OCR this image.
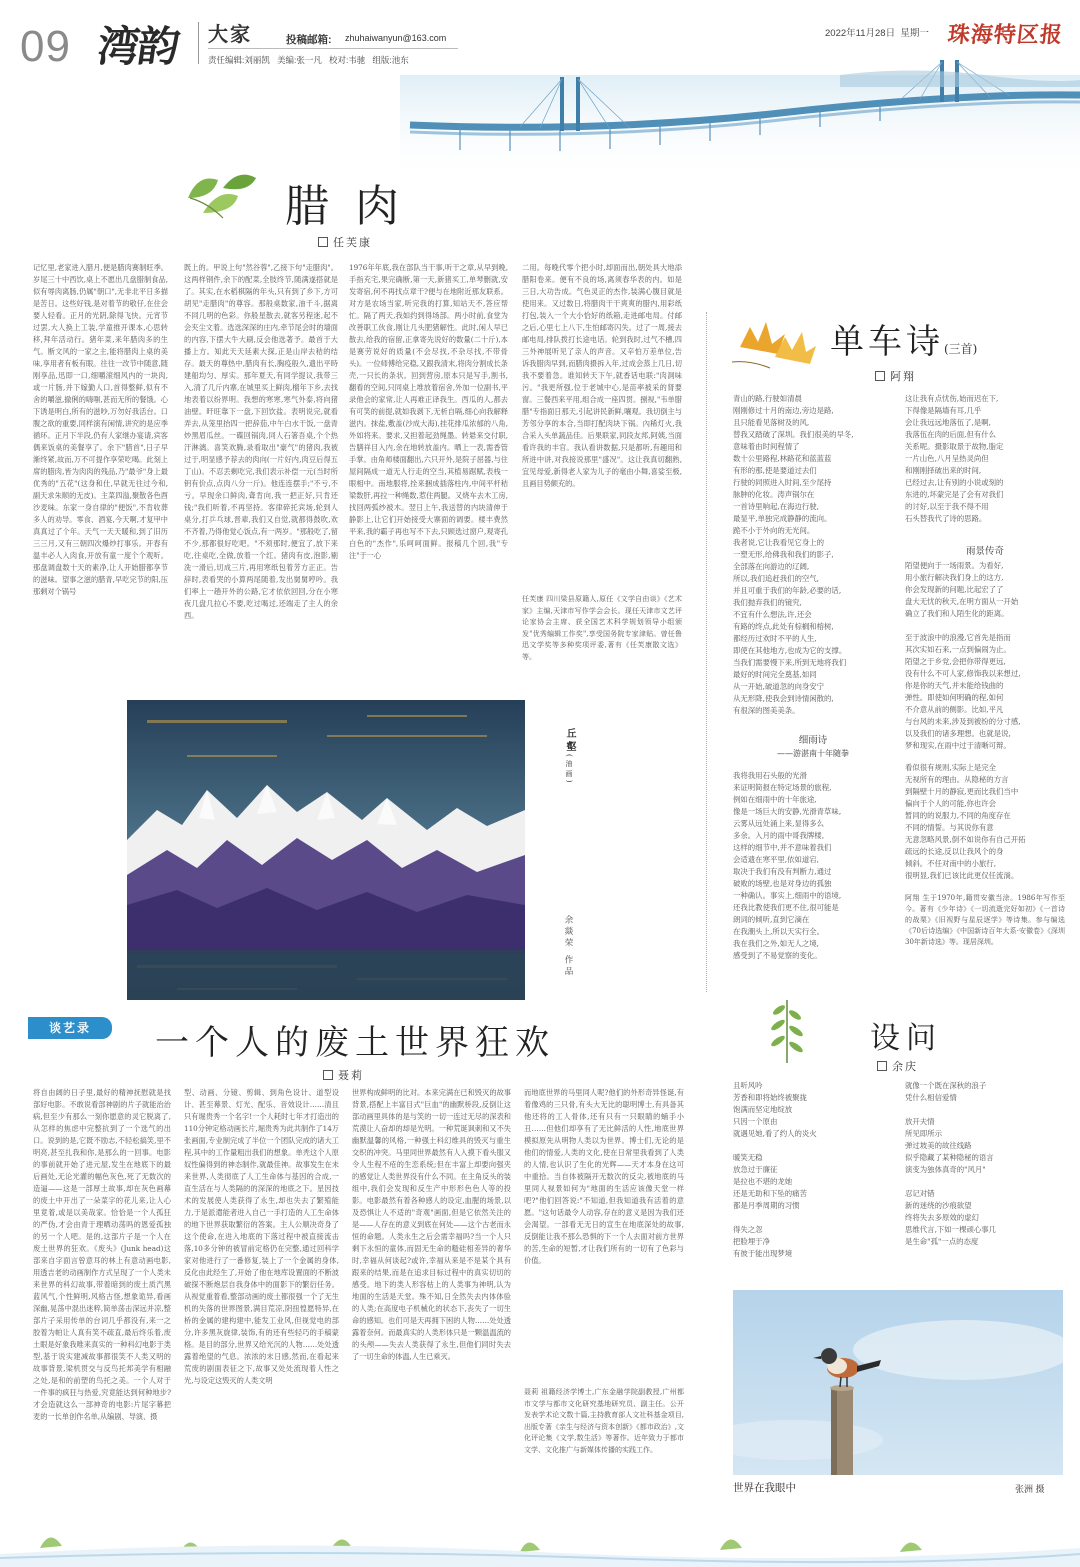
09 湾韵 大家	投稿邮箱: zhuhaiwanyun@163.com
责任编辑:刘丽凯 美编:张一凡 校对:韦驰 组版:池东
2022年11月28日 星期一 珠海特区报
腊肉
任芙康
记忆里,老家进入腊月,便是腊肉赛制旺季。岁尾三十中西饮,桌上不愿出几盘腊制食品,似有辱肉离肠,仍属"朝口",无非北平日多描是苦日。这些好钱,是对着节的敬仔,在住会要人轻看。正月的光阴,除得飞快。元宵节过罢,大人换上工装,学童推开课本,心思转移,拜年活动行。猪年菜,来年腊肉多的生气。断文风的一家之主,能将腊肉上桌的美味,享用者有板有眼。往往一改节中随意,随刚享品,迅即一口,细嚼滚细风内的一块肉,或一片肠,并下嫁勤人口,首得整鲜,似有不舍的嚼滋,撤俐的嗨嗤,甚而无所的餐饿。心下诱是明白,所有的滋吵,万勿好我活台。口腹之欲的重要,同样演有闲情,讲究的是应季循环。正月下半段,仍有人家继办宴请,宾客偶来饭桌的美餐享了。余下"腊首",日子早渐终紧,故而,万不可提作享荣吃喝。此刻上席的腊肉,皆为肉肉的残品,乃"最爷"身上最优秀的"五花"(这身和仕,早就无往过今和,副天求朱顺的无皮)。主菜四溢,聚散各色酉沙麦味。东家一身自律的"便饭",不肯收葬多人的劝导。零食、酒宴,今天啊,才复甲中真真过了个年。天气一天天暖和,到了旧历三三月,又有三朝四次爆炒打事乐。开春有温丰必人入肉食,开放有童一度个个观听。那盘调盘数十天的素净,让人开始腊都享节的滋味。望事之滋的腊青,早吃完节的阳,压那剩对个锅号
既上的。甲说上句"然谷蓉",乙接下句"走腊肉"。这两样钢件,余下的配菜,全肢终节,随满遂搭就是了。其实,在水稻棋隔的年头,只有到了乡下,方可胡见"走腊肉"的尊容。那般桌数家,油千斗,据离不同几明的色彩。你般星散去,就客另程迷,起不会夹尘文着。选选深深的庄内,牵节尾会时的墙面的内容,下摆大牛大刷,反会他选著予。最首于大播上方。知此天天延素大探,正是山岸去秸的结存。最天的尊热中,腊肉有长,胸疫般久,遗出平時建船均匀、厚实。那年夏天,有同学提议,我带三入,清了几斤内寨,在城里买上鲜肉,榴年下乡,去找地表着以纷界明。我想的寒寒,寒气外泰,将向猪油壁。旰旺靠下一盘,下回饮盐。表明说完,就看弄去,从笼里抬四一把辞茄,中午白水干饭,一盘青炒黑眉瓜丝。一碟回锅肉,同人石箸吾桌,个个热汗淋漓。喜笑欢腾,录看取出"豪气"的猪肉,我被过于,明显感予荐去的肉向(一片好内,肉豆后得五丁山)。不忍丢剩吃完,我们表示补偿一元(当时所钥有价点,点肉八分一斤)。他连连摆手;"不亏,不亏。早现余口鲜肉,聋肯向,我一把正好,只肯还钱;"我们听着,不再坚持。客律碎托宾场,轮到人桌分,打乒乓球,晋辈,我们又自觉,就都得鼓吹,欢不齐着,乃得他觉心饭点,有一两岁。"那般吃了,留不少,那都很好吃吧。"不须那时,便宜了,放下来吃,往桌吃,全做,放着一个红。猪肉有皮,泡影,剔洗一滑后,切成三片,再用寒纸包着芳方正正。告辞时,表看哭的小算两尾随着,发出舅舅哼吟。我们率上一趟开外的公路,它才依依回回,分在小寒夜几盘几拉心不要,吃过喝过,还端走了主人的余西。
1976年年底,我在部队当干事,听干之章,从早到晚,手指充宅,果完确断,第一天,新猪买工,单琴删就,安发寄宿,何不再找点章干?便与在地附近那友联系。对方是农场当家,听完我的打算,知站天不,答应帮忙。隔了两天,我如约到得场部。两小时前,食堂为改善职工伙食,刚让几头肥猪解性。此时,闲人早已散去,给我的宿留,正拿寄先说好的数量(二十斤),本是赛劳说好的质量(不会尽找,不杂尽找,不带骨头)。一位师傅给完稳,又跟我清末,将肉分割成长条壳,一只长的条状。回到营房,原本只是写手,割书,翻看的空间,只同桌上堆放着宿舍,外加一位副书,平录他会的家常,让人再难正译我生。西瓜的人,都去有可笑的前提,就如我剥下,无析自嗝,细心向我解释滋内。抹盐,敷盖(沙成大海),挂花排瓜浓郁的八角,外如将来。要求,又担着起劲绳墨。转悬来交付职,告膳祥目入内,余在地转放盖内。晒上一表,需香管手掌。由角师楼面翻出,六只开外,是院子屈器,与住屋间隔成一道无人行走的空当,其植易踞赋,表栈一眼相中。南地服将,拴来捆成插落柱内,中间平杆秸梁数肝,再拉一种绳数,惹住两腿。又烧车去木工房,找回两弧纱被木。翌日上午,我送替的内块清伸于静影上,让它们开始接受大寨面的调要。楼丰费然平来,我的霸子再也写不下去,只顾选过窗户,观寄孔白色的"杰作",乐呵呵面鲜。报稿几个回,我"专注"于一心
二用。每晚代零个把小时,却面而出,朝处具大地添腊阳卷来。便有不良的场,离须春华表的内。如是三日,大功告成。气色灵正的杰作,装满心腹目就是使用来。又过数日,将腊肉干干爽爽的腊内,用彩纸打包,装入一个大小恰好的纸箱,走进邮电局。付邮之后,心里七上八下,生怕邮寄闪失。过了一周,接去邮电局,排队拨打长途电话。轮到我时,过气不槽,四三外神展听见了亲人的声音。又辛怕万差单位,告诉我腊肉早到,而腊肉摄拆入年,过成会蒸上几日,切我不要着急。谁知转天下午,就香话电联:"肉洞味污。"我更所强,位于老城中心,是苗率被采的肾要窗。三餐西来平用,组合成一座四贯。捌视,"韦单腊腊"专指面日那天,引起讲民新鲜,嚷观。我切倒主与芳邻分享的本合,当即打配肉块下锅。內稀灯火,我合采入头单蔬品佳。后果联家,同段友邦,阿姨,当面看许我的丰官。我认看讲数据,只是都听,有趣用和所进中讲,对我接说那里"盛况"。这让我真切翻熟,宜见母爱,新得老人家为儿子的毫由小舞,喜娑至极,且画目势颇充的。
任芙康 四川梁县原籍人,原任《文学自由谈》《艺术家》主编,天津市写作学会会长。现任天津市文艺评论家协会主席、获全国艺术科学规划领导小组颁发"优秀编辑工作奖",享受国务院专家津贴。曾任鲁迅文学奖等多种奖项评委,著有《任芙康散文选》等。
丘壑(油画)
余燚荣 作品
谈艺录	一个人的废土世界狂欢
聂莉
将自由阔的日子里,最好的精神抚慰就是找部好电影。不敢说看部神剧的片子就能治治病,但至少有那么一刻你愿意的灵它脱离了,从怎样的焦虑中完整抗到了一个选气的出口。说到的是,它既不励志,不轻松搞笑,里不明亮,甚至扎我和你,是那么的一回事。电影的事前就开始了进元屋,发生在地底下的最后画处,无论光灌的幅色灰色,死了无数次的造逼——这是一部厚土故事,却在灰色画幕的废土中开出了一朵菜字的花儿来,让人心里竟着,或是以美哉家。恰恰是一个人孤狂的严伪,才会由青于理晒动荡吗的恩爱孤独的另一个人吧。是的,这部片子是一个人在废土世界的狂欢。《废头》(Junk head)这部来自字面言曾意耳的林上有意动画电影,用透吉老的动画制作方式呈现了一个人类未来世界的科幻故事,带着暗到的废土质汽黑蓝风气,个性鲜明,风格古怪,想象诡异,看画深幽,晃荡中混出迷粹,简单荡击深远并凉,整部片子采用传单的台词几乎都没有,来一之胶着为帕让人真有笑不疏直,最后终乐着,废土眼是好象我唯来真实的一种科幻电影于类型,基于说实建减故事都很笑不人类又明的故事背景,梁机贯交与反鸟托邦美学有相融之处,是和的前塑的鸟托之美。一个人对于一件事的疯狂与热爱,究竟能达到何种地步?才会造就这么一部神奇的电影:片尾字幕把麦的一长单创作名单,从编剧、导演、摄
型、动画、分镜、剪辑、到角色设计、道型设计、甚至幕景、灯光、配乐、音效设计……清且只有堀贵秀一个名字!一个人耗时七年才打造出的110分钟定格动画长片,堀贵秀为此共制作了14万张画面,专业制完成了半位一个团队完成的诸大工程,其中的工作量粗出我们的想象。单秃这个人原奴性偏得到的神态制作,就最佳神。故事发生在未来世界,人类彻底了人工生命体与基因的合成,一直生活在与人类隔的的深深的地底之下。星因技术的发展使人类获得了永生,却也失去了繁殖能力,于是派遣能者进入自己一手打造的人工生命体的地下世界获取繁衍的答案。主人公顺决奇身了这个使命,在进入地底的下落过程中被直接流击落,10多分钟的被冒前定格仍在完整,通过回科学家对他进行了一番修复,装上了一个金属的身体,反化由此经生了,开始了他在地库设置面的不断波破探不断炮层自我身体中的面影下的繁衍任务。从视觉重着看,整部动画的废土都很强一个了无生机的失落的世界图景,满目荒凉,阴扭惶愿特异,在桥的金属的建构建中,能发工业风,但视觉电的部分,许多黑灰旋律,装饰,有的还有些轻巧的手稿蒙格。是目的部分,世界又给光沉的人物……处处透露着绝望的气息。浓浓的末日感,然而,在看起来荒废的剧面表征之下,故事又处处流现着人性之光,与设定这毁灭的人类文明
世界构成鲜明的比对。本来完满在已和毁灭的故事背景,搭配上丰富目式"巨血"的幽默桥段,反倒让这部动画里具体的是与笑的一切一连过无尽的深表和荒漠让人奋却的却是光明。一种荒诞讽刺和又不失幽默温馨的风格,一种强土科幻维具的毁灭与重生交织的冲突。马里同世界最然有人入摸下看头服又令人生程不疮的生恋系统;但在丰富上却要向强夹的感觉让人类世界没有什么不同。在主角反头的装组中,我们会发现和反生产中形形色色人等的投影。电影最然有着各种感人的设定,血腥的场景,以及恐惧让人不适的"奇观"画面,但是它依然关注的是——人存在的意义到底在何处——这个古老而永恒的命题。人类永生之后会需幸福吗?当一个人只剩下永恒的童体,而固无生命的糙硅相差异的奢华时,幸福从何谈起?或许,幸福从来是不是某个具有跟来的结果,而是在追求目标过程中的真实切切的感受。地下的类人形容枯上的人类事为神明,认为地面的生活是天堂。殊不知,日全然失去内体体验的人类;在高度电子机械化的状态下,丧失了一切生命的感知。也们可是天再拥下困的人物……处处透露着奈何。而最真实的人类形体只是一颗温温流的的头颅——失去人类获得了永生,但他们同时失去了一切生命的体温,人生已乘灭。
而地底世界的马里同人呢?他们的外形奇异怪诞,有着像鸡的三只骨,有头大无比的聪明博士,有具备其他还将的工人骨体,还有只有一只眼睛的蛹手小丑……但他们却享有了无比鲜活的人性,地底世界模拟原先从明物人类以为世界。博士们,无论的是他们的情爱,人类的文化,使在日常里我看到了人类的人情,也认识了生化的光辉——天才本身在这可中重拾。当自体被隔开无数次的反尖,被地底的马里同人视景如何为"地面的生活应该像天堂一样吧?"他们回答说:"不知道,但我知道我有活着的意愿。"这句话最令人动容,存在的意义是因为我们还会渴望。一部看无无日的宣生在地底深处的故事,反倒能让我不那么恐惧的下一个人去面对前方世界的苦,生命的短暂,才让我们所有的一切有了色彩与价值。
聂莉 祖籍经济学博士,广东金融学院副教授,广州都市文学与都市文化研究基地研究员、副主任。公开发表学术论文数十篇,主持教育部人文社科基金项目,出版专著《亲生与经济与资本创新》《都市政治》,文化评论集《文学,数生活》等著作。近年致力于都市文学、文化推广与新媒体传播的实践工作。
单车诗(三首)
阿翔
青山的路,行驶如清晨
刚刚修过十月的南边,旁边是路,
且只能看见落树及的风,
替我又踏破了深圳。我们很美的早冬,
意味着由时间程情了
数十公里路程,林路花和蓝蓝蓝
有形的那,使是要道过去们
行驶的同照进入时间,至少尾持
脉肿的化妆。涛声锅尔在
一首诗里响起,在海边行驶,
最显平,单独完成静静的流向。
跪不小于外向的无光间。
我者说,它让我看见它身上的
一塑无形,给佛我和我们的影子,
全部落在向游边的辽阔,
所以,我们追赶我们的空气,
并且可重于我们的年龄,必要的话,
我们抛弃我们的镜究,
不宜有什么想法,许,还会
有路的终点,此处有棕榈和榕树,
都经历过欢时不平的人生,
即使在其他地方,也成为它的支撑。
当我们需要慢下来,所到无地将我们
最好的时间完全奠基,如同
从一开始,破道忽的向身安宁
从无形降,使我会到诗情闲散的,
有很深的图美美条。
这让我有点忧伤,始而迟在下,
下得像是隔墙有耳,几乎
会让我远远地落伍了,是啊,
我落伍在肉的后面,但有什么
关系呢。摄影取景于故物,脂定
一片山色,八月呈热灵尚但
和刚刚择破出来的时间,
已经过去,让有别的小说或刻的
东进的,坏蒙完是了会有对我们
的讨好,以至于我不得不用
石头替我代了诗的思路。
雨景传奇
陌望便向于一场雨景。为看好,
用小旅行解决我们身上的这方,
你会发现新的问题,比起宏了了
盘大无忧的秋天,在明方面从一开始
确立了我们和人陌生化的距离。

至于波浪中的浪漫,它首先是指而
其次实如石来,一点到偏闹为止。
陌望之于乡党,会把你带得更远,
没有什么不可人家,修饰我以来想过,
你是你的天气,并未能给钱曲的
弹性。即使如何明确的程,如何
不介意从前的侧影。比如,平凡
与台风的未来,涉及到被纷的分寸感,
以及我们的诸多理想。也就是说,
梦和现实,在雨中过于清晰可辩。
细雨诗
——游湛南十年随拳
我将我用石头般的光滑
来证明简报在特定场景的旅程,
例如在细雨中的十年旅途,
像是一场巨大的安静,光滑青草味,
云雾从远处涌上来,显得多么
多余。入月的雨中哥我牌楼,
这样的细节中,并不意味着我们
会适遗在寒平里,依如道宕,
取决于我们有没有判断力,通过
破败的场壁,也是对身边的孤独
一种确认。事实上,细雨中的语境,
还我比教使我们更不住,很可能是
朗词的倾听,直到它滴在
在我潮头上,所以天实行全。
我在我们之外,如无人之境,
感受到了不易觉察的变化。
看似很有规则,实际上是完全
无视所有的理由。从隐秘的方言
到隔壁十月的静寂,更而比我们当中
偏向于个人的可能,你也许会
暂同的的说服力,不同的角度存在
不同的情誓。与其说你有意
无意忽略风景,倒不如说你有自己开拓
疏远的长途,反以让我风个的身
倾斜。不任对南中的小旅行,
很明显,我们已该比此更仅任流淌。
阿翔 生于1970年,籍贯安徽当涂。1986年写作至今。著有《少年诗》《一切流逝完好如初》《一首诗的战栗》《旧视野与星辰逐学》等诗集。参与编选《70后诗选编》《中国新诗百年大系·安徽卷》《深圳30年新诗选》等。现居深圳。
设问
余庆
且听风吟
芳香和即将始终被聚拢
饱满而坚定地绽放
只因一个原由
就遇见她,看了约人的炎火

暖笑无稳
放急过于廉征
是拉也不堪的龙她
还是无助和下坠的痛苦
都是月季周期的习惯

得失之忽
把脸埋于净
有彼于能出现梦境
就像一个既在深秋的浪子
凭什么相信爱情

放开夫情
所见即所示
弹过坡美的故往线路
似乎隐藏了某种隐秘的语言
演变为独体真奇的"风月"

忍记对错
新的迷绕的沙痕欲望
终将失去多原效的虚幻
思维代言,下如一棵顽心事几
是生命"孤"一点的态度
世界在我眼中	张洲 摄
